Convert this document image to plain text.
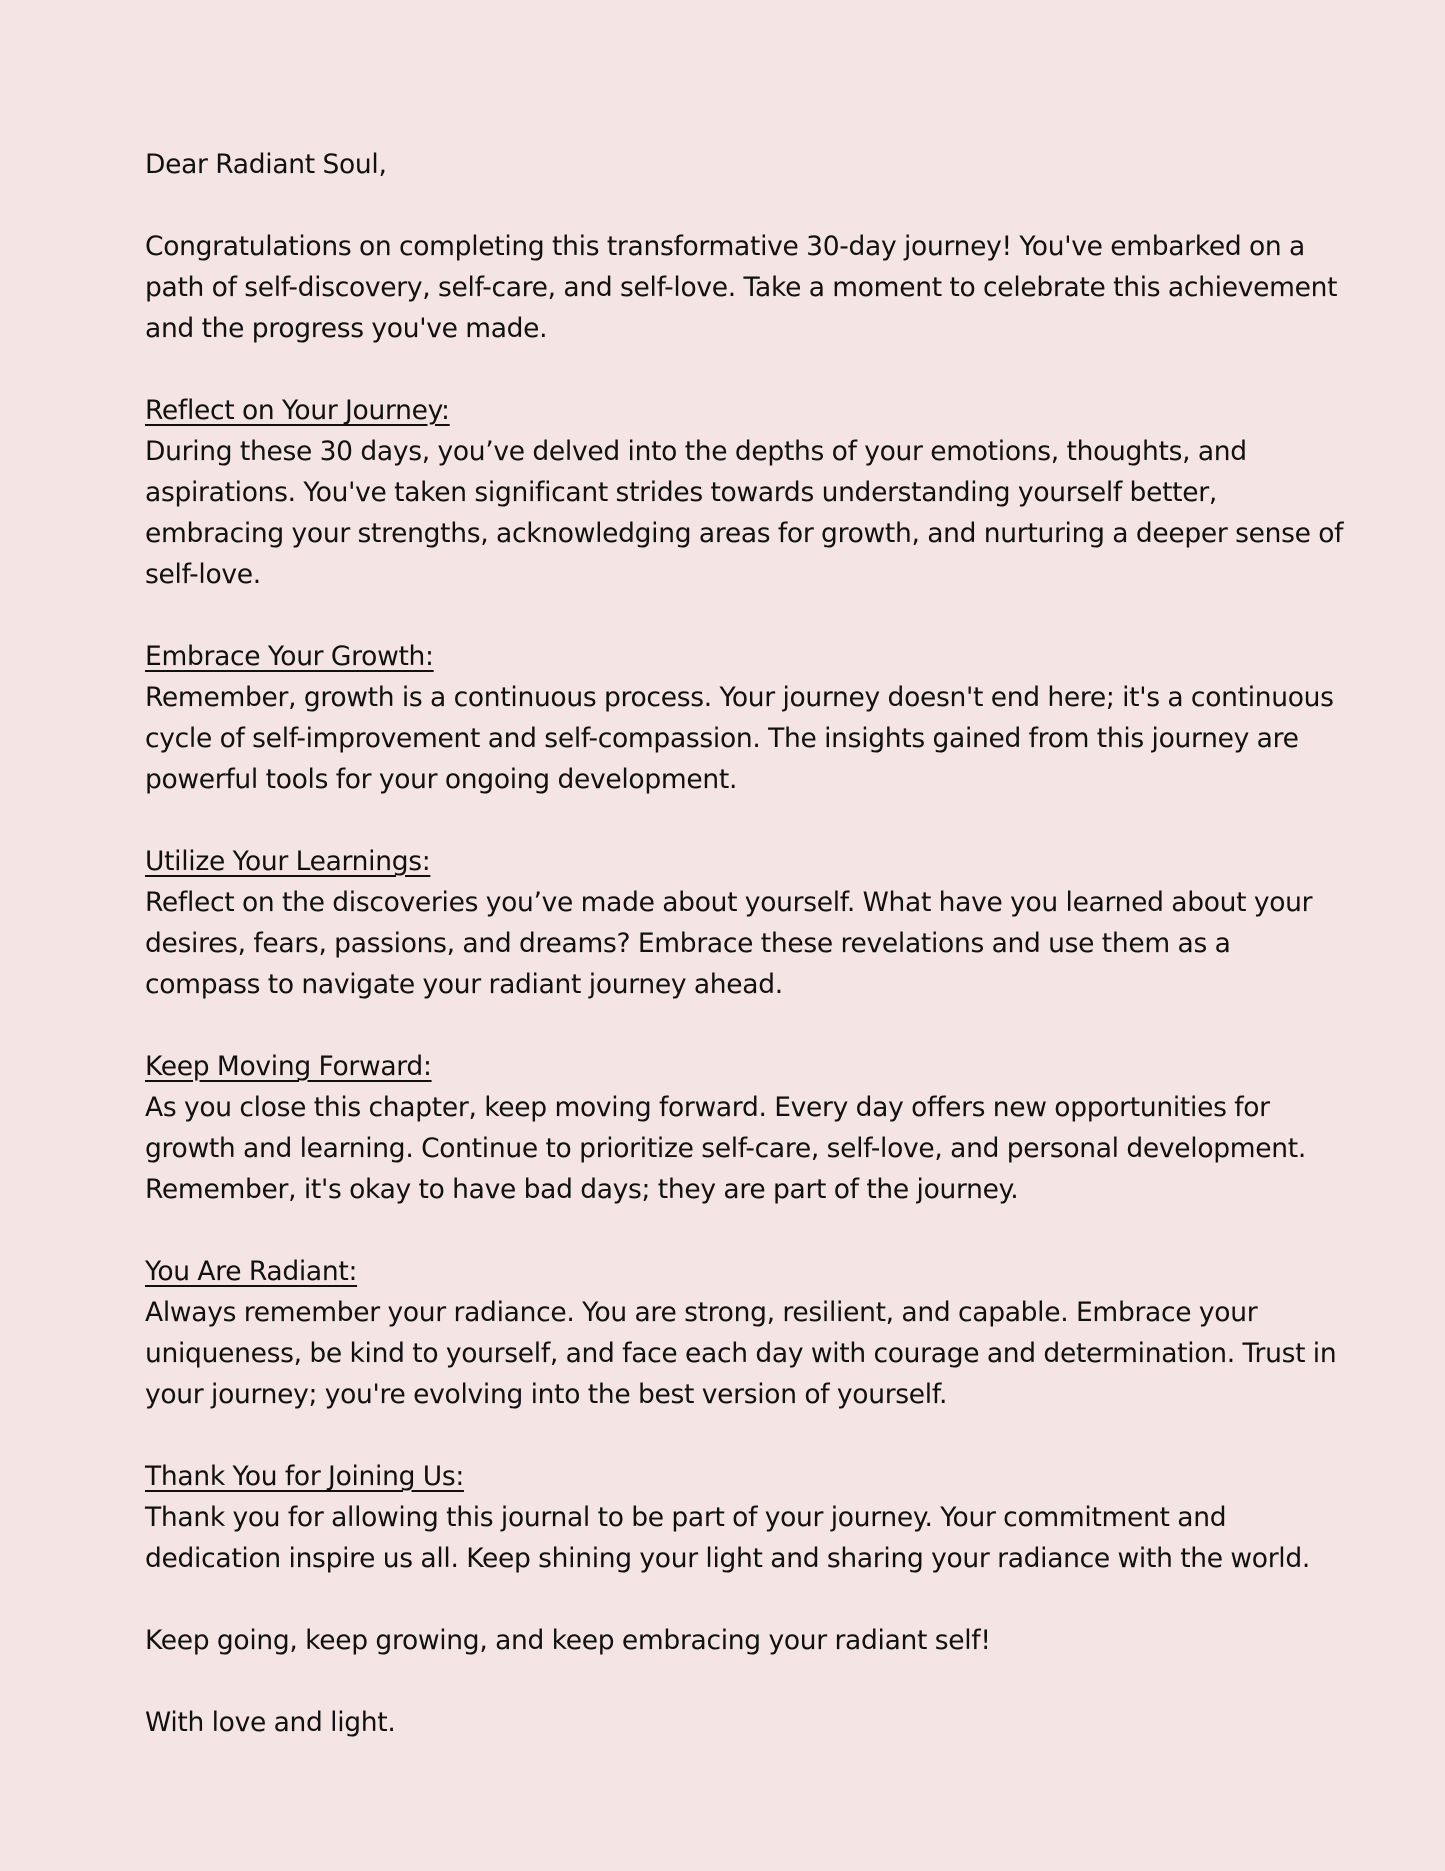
Dear Radiant Soul,

Congratulations on completing this transformative 30-day journey! You've embarked on a path of self-discovery, self-care, and self-love. Take a moment to celebrate this achievement and the progress you've made.

Reflect on Your Journey:

During these 30 days, you’ve delved into the depths of your emotions, thoughts, and aspirations. You've taken significant strides towards understanding yourself better, embracing your strengths, acknowledging areas for growth, and nurturing a deeper sense of self-love.

Embrace Your Growth:

Remember, growth is a continuous process. Your journey doesn't end here; it's a continuous cycle of self-improvement and self-compassion. The insights gained from this journey are powerful tools for your ongoing development.

Utilize Your Learnings:

Reflect on the discoveries you’ve made about yourself. What have you learned about your desires, fears, passions, and dreams? Embrace these revelations and use them as a compass to navigate your radiant journey ahead.

Keep Moving Forward:

As you close this chapter, keep moving forward. Every day offers new opportunities for growth and learning. Continue to prioritize self-care, self-love, and personal development. Remember, it's okay to have bad days; they are part of the journey.

You Are Radiant:

Always remember your radiance. You are strong, resilient, and capable. Embrace your uniqueness, be kind to yourself, and face each day with courage and determination. Trust in your journey; you're evolving into the best version of yourself.

Thank You for Joining Us:

Thank you for allowing this journal to be part of your journey. Your commitment and dedication inspire us all. Keep shining your light and sharing your radiance with the world.

Keep going, keep growing, and keep embracing your radiant self!

With love and light.
